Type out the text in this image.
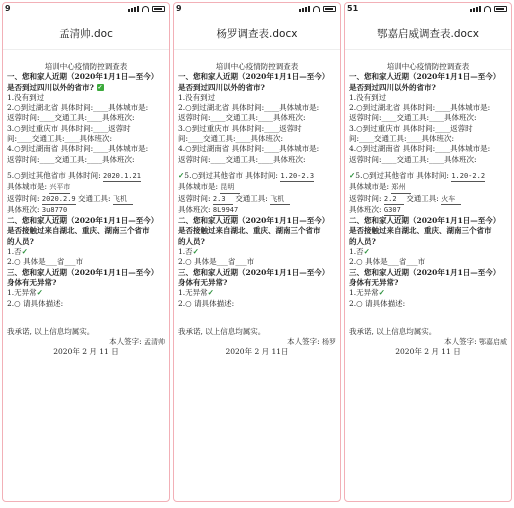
9
孟清帅.doc
培训中心疫情防控调查表
一、您和家人近期（2020年1月1日—至今）
是否到过四川以外的省市? ✓
1.没有到过
2.○到过湖北省 具体时间:____具体城市是:
返蓉时间:____交通工具:____具体班次:
3.○到过重庆市 具体时间:____返蓉时
间:____交通工具:____具体班次:
4.○到过湖南省 具体时间:____具体城市是:
返蓉时间:____交通工具:____具体班次:
5.○到过其他省市 具体时间: 2020.1.21
具体城市是: 兴平市
返蓉时间: 2020.2.9 交通工具: 飞机
具体班次: 3u8770
二、您和家人近期（2020年1月1日—至今）
是否接触过来自湖北、重庆、湖南三个省市
的人员?
1.否✓
2.○ 具体是___省___市
三、您和家人近期（2020年1月1日—至今）
身体有无异常?
1.无异常✓
2.○ 请具体描述:
我承诺, 以上信息均属实。
本人签字: 孟清帅
2020年 2 月 11 日
9
杨罗调查表.docx
培训中心疫情防控调查表
一、您和家人近期（2020年1月1日—至今）
是否到过四川以外的省市?
1.没有到过
2.○到过湖北省 具体时间:____具体城市是:
返蓉时间:____交通工具:____具体班次:
3.○到过重庆市 具体时间:____返蓉时
间:____交通工具:____具体班次:
4.○到过湖南省 具体时间:____具体城市是:
返蓉时间:____交通工具:____具体班次:
✓5.○到过其他省市 具体时间: 1.20-2.3
具体城市是: 昆明
返蓉时间: 2.3 交通工具: 飞机
具体班次: 8L9947
二、您和家人近期（2020年1月1日—至今）
是否接触过来自湖北、重庆、湖南三个省市
的人员?
1.否✓
2.○ 具体是___省___市
三、您和家人近期（2020年1月1日—至今）
身体有无异常?
1.无异常✓
2.○ 请具体描述:
我承诺, 以上信息均属实。
本人签字: 杨罗
2020年 2 月 11日
51
鄂嘉启威调查表.docx
培训中心疫情防控调查表
一、您和家人近期（2020年1月1日—至今）
是否到过四川以外的省市?
1.没有到过
2.○到过湖北省 具体时间:____具体城市是:
返蓉时间:____交通工具:____具体班次:
3.○到过重庆市 具体时间:____返蓉时
间:____交通工具:____具体班次:
4.○到过湖南省 具体时间:____具体城市是:
返蓉时间:____交通工具:____具体班次:
✓5.○到过其他省市 具体时间: 1.20-2.2
具体城市是: 郑州
返蓉时间: 2.2 交通工具: 火车
具体班次: G307
二、您和家人近期（2020年1月1日—至今）
是否接触过来自湖北、重庆、湖南三个省市
的人员?
1.否✓
2.○ 具体是___省___市
三、您和家人近期（2020年1月1日—至今）
身体有无异常?
1.无异常✓
2.○ 请具体描述:
我承诺, 以上信息均属实。
本人签字: 鄂嘉启威
2020年 2 月 11 日
